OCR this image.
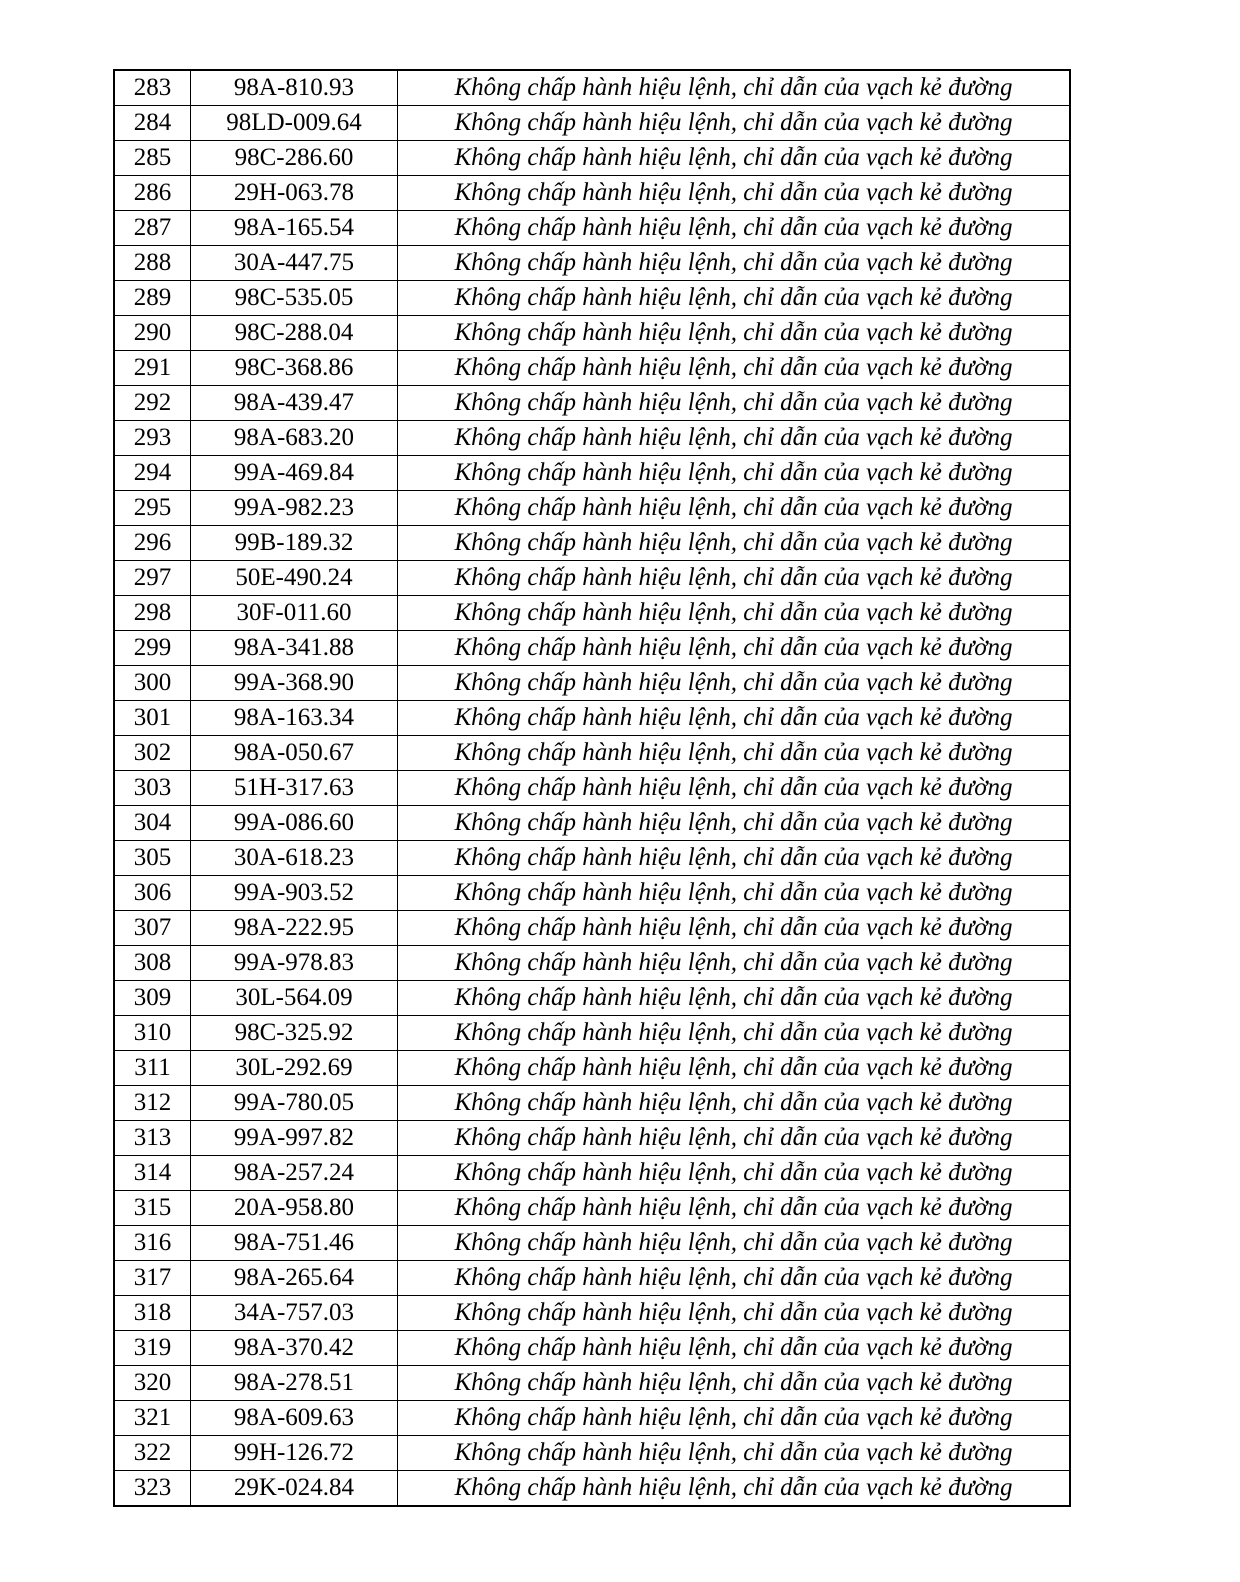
283	98A-810.93	Không chấp hành hiệu lệnh, chỉ dẫn của vạch kẻ đường
284	98LD-009.64	Không chấp hành hiệu lệnh, chỉ dẫn của vạch kẻ đường
285	98C-286.60	Không chấp hành hiệu lệnh, chỉ dẫn của vạch kẻ đường
286	29H-063.78	Không chấp hành hiệu lệnh, chỉ dẫn của vạch kẻ đường
287	98A-165.54	Không chấp hành hiệu lệnh, chỉ dẫn của vạch kẻ đường
288	30A-447.75	Không chấp hành hiệu lệnh, chỉ dẫn của vạch kẻ đường
289	98C-535.05	Không chấp hành hiệu lệnh, chỉ dẫn của vạch kẻ đường
290	98C-288.04	Không chấp hành hiệu lệnh, chỉ dẫn của vạch kẻ đường
291	98C-368.86	Không chấp hành hiệu lệnh, chỉ dẫn của vạch kẻ đường
292	98A-439.47	Không chấp hành hiệu lệnh, chỉ dẫn của vạch kẻ đường
293	98A-683.20	Không chấp hành hiệu lệnh, chỉ dẫn của vạch kẻ đường
294	99A-469.84	Không chấp hành hiệu lệnh, chỉ dẫn của vạch kẻ đường
295	99A-982.23	Không chấp hành hiệu lệnh, chỉ dẫn của vạch kẻ đường
296	99B-189.32	Không chấp hành hiệu lệnh, chỉ dẫn của vạch kẻ đường
297	50E-490.24	Không chấp hành hiệu lệnh, chỉ dẫn của vạch kẻ đường
298	30F-011.60	Không chấp hành hiệu lệnh, chỉ dẫn của vạch kẻ đường
299	98A-341.88	Không chấp hành hiệu lệnh, chỉ dẫn của vạch kẻ đường
300	99A-368.90	Không chấp hành hiệu lệnh, chỉ dẫn của vạch kẻ đường
301	98A-163.34	Không chấp hành hiệu lệnh, chỉ dẫn của vạch kẻ đường
302	98A-050.67	Không chấp hành hiệu lệnh, chỉ dẫn của vạch kẻ đường
303	51H-317.63	Không chấp hành hiệu lệnh, chỉ dẫn của vạch kẻ đường
304	99A-086.60	Không chấp hành hiệu lệnh, chỉ dẫn của vạch kẻ đường
305	30A-618.23	Không chấp hành hiệu lệnh, chỉ dẫn của vạch kẻ đường
306	99A-903.52	Không chấp hành hiệu lệnh, chỉ dẫn của vạch kẻ đường
307	98A-222.95	Không chấp hành hiệu lệnh, chỉ dẫn của vạch kẻ đường
308	99A-978.83	Không chấp hành hiệu lệnh, chỉ dẫn của vạch kẻ đường
309	30L-564.09	Không chấp hành hiệu lệnh, chỉ dẫn của vạch kẻ đường
310	98C-325.92	Không chấp hành hiệu lệnh, chỉ dẫn của vạch kẻ đường
311	30L-292.69	Không chấp hành hiệu lệnh, chỉ dẫn của vạch kẻ đường
312	99A-780.05	Không chấp hành hiệu lệnh, chỉ dẫn của vạch kẻ đường
313	99A-997.82	Không chấp hành hiệu lệnh, chỉ dẫn của vạch kẻ đường
314	98A-257.24	Không chấp hành hiệu lệnh, chỉ dẫn của vạch kẻ đường
315	20A-958.80	Không chấp hành hiệu lệnh, chỉ dẫn của vạch kẻ đường
316	98A-751.46	Không chấp hành hiệu lệnh, chỉ dẫn của vạch kẻ đường
317	98A-265.64	Không chấp hành hiệu lệnh, chỉ dẫn của vạch kẻ đường
318	34A-757.03	Không chấp hành hiệu lệnh, chỉ dẫn của vạch kẻ đường
319	98A-370.42	Không chấp hành hiệu lệnh, chỉ dẫn của vạch kẻ đường
320	98A-278.51	Không chấp hành hiệu lệnh, chỉ dẫn của vạch kẻ đường
321	98A-609.63	Không chấp hành hiệu lệnh, chỉ dẫn của vạch kẻ đường
322	99H-126.72	Không chấp hành hiệu lệnh, chỉ dẫn của vạch kẻ đường
323	29K-024.84	Không chấp hành hiệu lệnh, chỉ dẫn của vạch kẻ đường
